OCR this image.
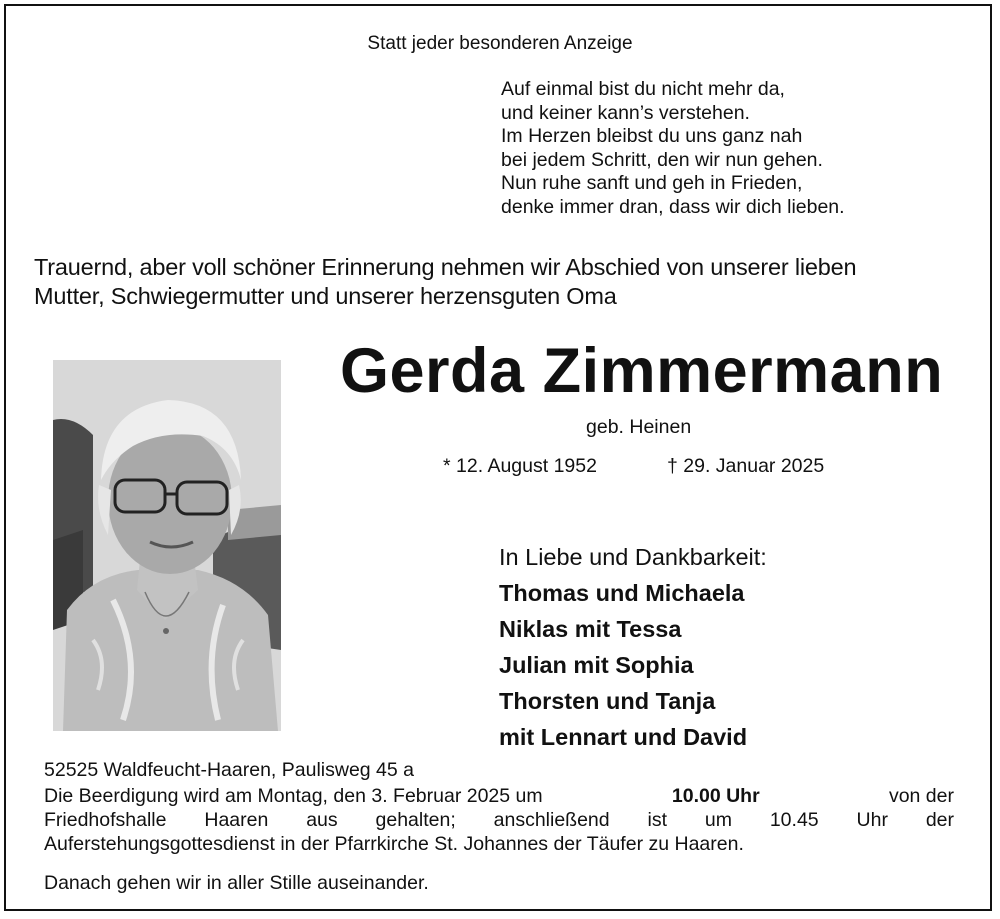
Statt jeder besonderen Anzeige
Auf einmal bist du nicht mehr da,
und keiner kann’s verstehen.
Im Herzen bleibst du uns ganz nah
bei jedem Schritt, den wir nun gehen.
Nun ruhe sanft und geh in Frieden,
denke immer dran, dass wir dich lieben.
Trauernd, aber voll schöner Erinnerung nehmen wir Abschied von unserer lieben
Mutter, Schwiegermutter und unserer herzensguten Oma
Gerda Zimmermann
geb. Heinen
* 12. August 1952	† 29. Januar 2025
In Liebe und Dankbarkeit:
Thomas und Michaela
Niklas mit Tessa
Julian mit Sophia
Thorsten und Tanja
mit Lennart und David
52525 Waldfeucht-Haaren, Paulisweg 45 a
Die Beerdigung wird am Montag, den 3. Februar 2025 um	10.00 Uhr	von der
Friedhofshalle Haaren aus gehalten; anschließend ist um 10.45 Uhr der
Auferstehungsgottesdienst in der Pfarrkirche St. Johannes der Täufer zu Haaren.
Danach gehen wir in aller Stille auseinander.
